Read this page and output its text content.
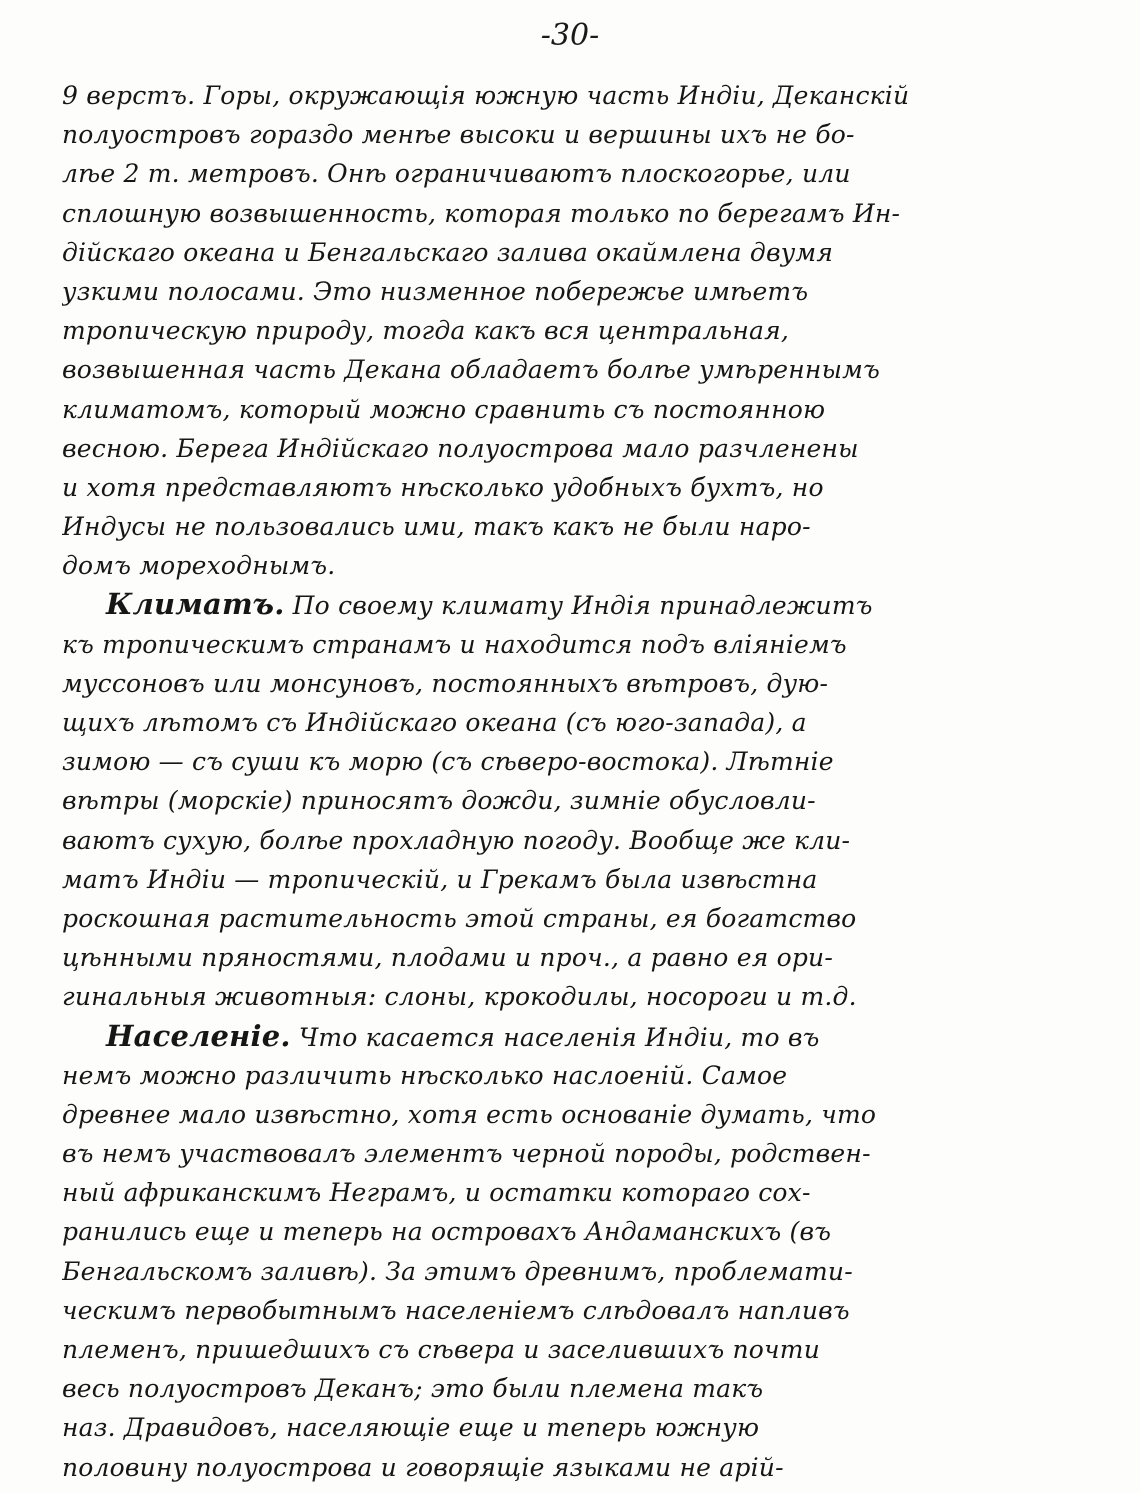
-30-
9 верстъ. Горы, окружающія южную часть Индіи, Деканскій
полуостровъ гораздо менѣе высоки и вершины ихъ не бо-
лѣе 2 т. метровъ. Онѣ ограничиваютъ плоскогорье, или
сплошную возвышенность, которая только по берегамъ Ин-
дійскаго океана и Бенгальскаго залива окаймлена двумя
узкими полосами. Это низменное побережье имѣетъ
тропическую природу, тогда какъ вся центральная,
возвышенная часть Декана обладаетъ болѣе умѣреннымъ
климатомъ, который можно сравнить съ постоянною
весною. Берега Индійскаго полуострова мало разчленены
и хотя представляютъ нѣсколько удобныхъ бухтъ, но
Индусы не пользовались ими, такъ какъ не были наро-
домъ мореходнымъ.
Климатъ. По своему климату Индія принадлежитъ
къ тропическимъ странамъ и находится подъ вліяніемъ
муссоновъ или монсуновъ, постоянныхъ вѣтровъ, дую-
щихъ лѣтомъ съ Индійскаго океана (съ юго-запада), а
зимою — съ суши къ морю (съ сѣверо-востока). Лѣтніе
вѣтры (морскіе) приносятъ дожди, зимніе обусловли-
ваютъ сухую, болѣе прохладную погоду. Вообще же кли-
матъ Индіи — тропическій, и Грекамъ была извѣстна
роскошная растительность этой страны, ея богатство
цѣнными пряностями, плодами и проч., а равно ея ори-
гинальныя животныя: слоны, крокодилы, носороги и т.д.
Населеніе. Что касается населенія Индіи, то въ
немъ можно различить нѣсколько наслоеній. Самое
древнее мало извѣстно, хотя есть основаніе думать, что
въ немъ участвовалъ элементъ черной породы, родствен-
ный африканскимъ Неграмъ, и остатки котораго сох-
ранились еще и теперь на островахъ Андаманскихъ (въ
Бенгальскомъ заливѣ). За этимъ древнимъ, проблемати-
ческимъ первобытнымъ населеніемъ слѣдовалъ напливъ
племенъ, пришедшихъ съ сѣвера и заселившихъ почти
весь полуостровъ Деканъ; это были племена такъ
наз. Дравидовъ, населяющіе еще и теперь южную
половину полуострова и говорящіе языками не арій-
